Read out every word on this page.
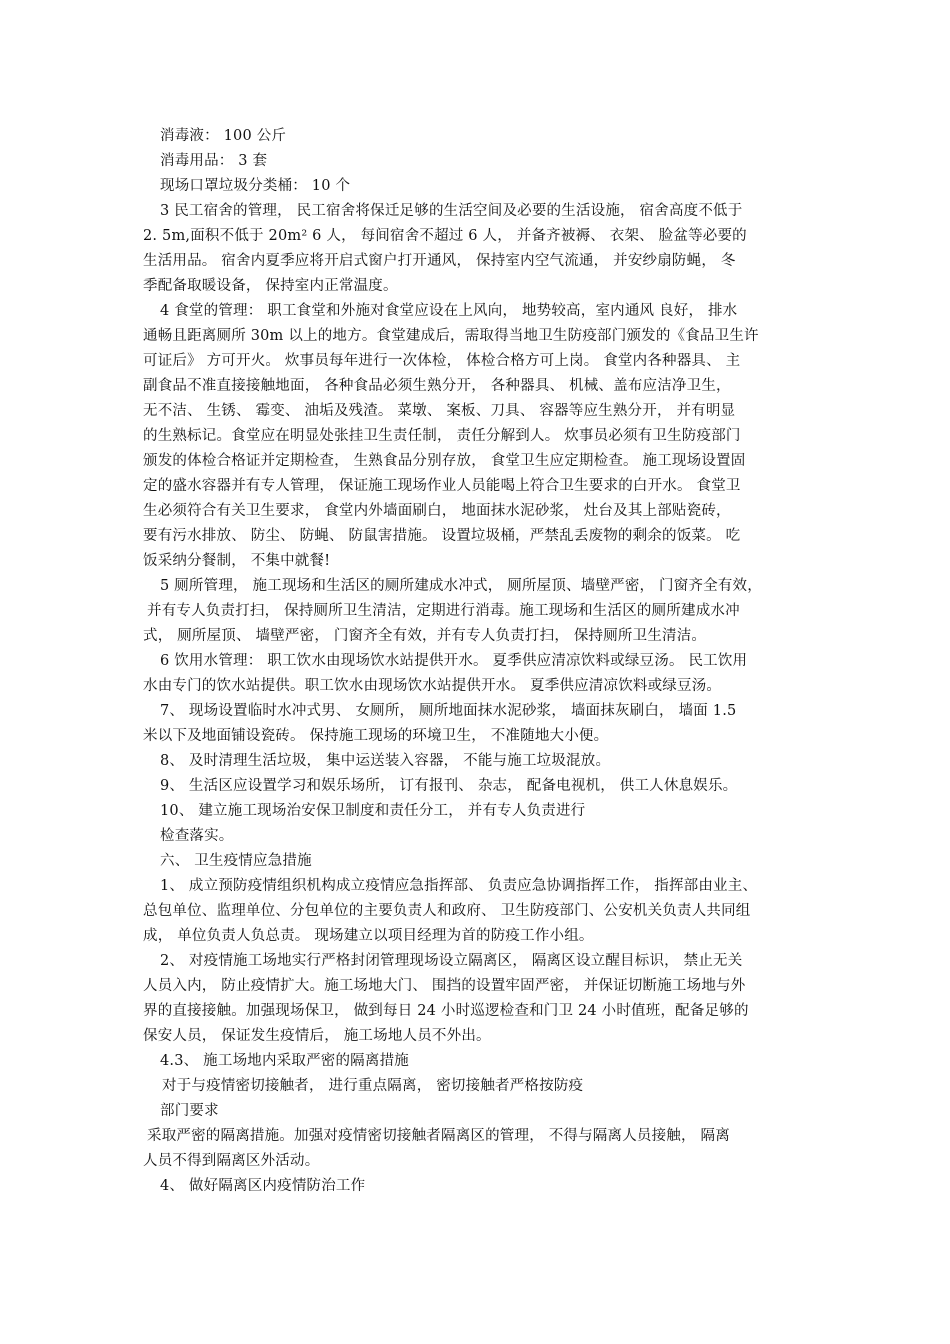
消毒液： 100 公斤
消毒用品： 3 套
现场口罩垃圾分类桶： 10 个
3 民工宿舍的管理， 民工宿舍将保迁足够的生活空间及必要的生活设施， 宿舍高度不低于
2. 5m,面积不低于 20m² 6 人， 每间宿舍不超过 6 人， 并备齐被褥、 衣架、 脸盆等必要的
生活用品。 宿舍内夏季应将开启式窗户打开通风， 保持室内空气流通， 并安纱扇防蝇， 冬
季配备取暖设备， 保持室内正常温度。
4 食堂的管理： 职工食堂和外施对食堂应设在上风向， 地势较高，室内通风 良好， 排水
通畅且距离厕所 30m 以上的地方。食堂建成后，需取得当地卫生防疫部门颁发的《食品卫生许
可证后》 方可开火。 炊事员每年进行一次体检， 体检合格方可上岗。 食堂内各种器具、 主
副食品不准直接接触地面， 各种食品必须生熟分开， 各种器具、 机械、盖布应洁净卫生，
无不洁、 生锈、 霉变、 油垢及残渣。 菜墩、 案板、刀具、 容器等应生熟分开， 并有明显
的生熟标记。食堂应在明显处张挂卫生责任制， 责任分解到人。 炊事员必须有卫生防疫部门
颁发的体检合格证并定期检查， 生熟食品分别存放， 食堂卫生应定期检查。 施工现场设置固
定的盛水容器并有专人管理， 保证施工现场作业人员能喝上符合卫生要求的白开水。 食堂卫
生必须符合有关卫生要求， 食堂内外墙面刷白， 地面抹水泥砂浆， 灶台及其上部贴瓷砖，
要有污水排放、 防尘、 防蝇、 防鼠害措施。 设置垃圾桶，严禁乱丢废物的剩余的饭菜。 吃
饭采纳分餐制， 不集中就餐!
5 厕所管理， 施工现场和生活区的厕所建成水冲式， 厕所屋顶、墙壁严密， 门窗齐全有效，
并有专人负责打扫， 保持厕所卫生清洁，定期进行消毒。施工现场和生活区的厕所建成水冲
式， 厕所屋顶、 墙壁严密， 门窗齐全有效，并有专人负责打扫， 保持厕所卫生清洁。
6 饮用水管理： 职工饮水由现场饮水站提供开水。 夏季供应清凉饮料或绿豆汤。 民工饮用
水由专门的饮水站提供。职工饮水由现场饮水站提供开水。 夏季供应清凉饮料或绿豆汤。
7、 现场设置临时水冲式男、 女厕所， 厕所地面抹水泥砂浆， 墙面抹灰刷白， 墙面 1.5
米以下及地面铺设瓷砖。 保持施工现场的环境卫生， 不准随地大小便。
8、 及时清理生活垃圾， 集中运送装入容器， 不能与施工垃圾混放。
9、 生活区应设置学习和娱乐场所， 订有报刊、 杂志， 配备电视机， 供工人休息娱乐。
10、 建立施工现场治安保卫制度和责任分工， 并有专人负责进行
检查落实。
六、 卫生疫情应急措施
1、 成立预防疫情组织机构成立疫情应急指挥部、 负责应急协调指挥工作， 指挥部由业主、
总包单位、监理单位、分包单位的主要负责人和政府、 卫生防疫部门、公安机关负责人共同组
成， 单位负责人负总责。 现场建立以项目经理为首的防疫工作小组。
2、 对疫情施工场地实行严格封闭管理现场设立隔离区， 隔离区设立醒目标识， 禁止无关
人员入内， 防止疫情扩大。施工场地大门、 围挡的设置牢固严密， 并保证切断施工场地与外
界的直接接触。加强现场保卫， 做到每日 24 小时巡逻检查和门卫 24 小时值班，配备足够的
保安人员， 保证发生疫情后， 施工场地人员不外出。
4.3、 施工场地内采取严密的隔离措施
对于与疫情密切接触者， 进行重点隔离， 密切接触者严格按防疫
部门要求
采取严密的隔离措施。加强对疫情密切接触者隔离区的管理， 不得与隔离人员接触， 隔离
人员不得到隔离区外活动。
4、 做好隔离区内疫情防治工作
